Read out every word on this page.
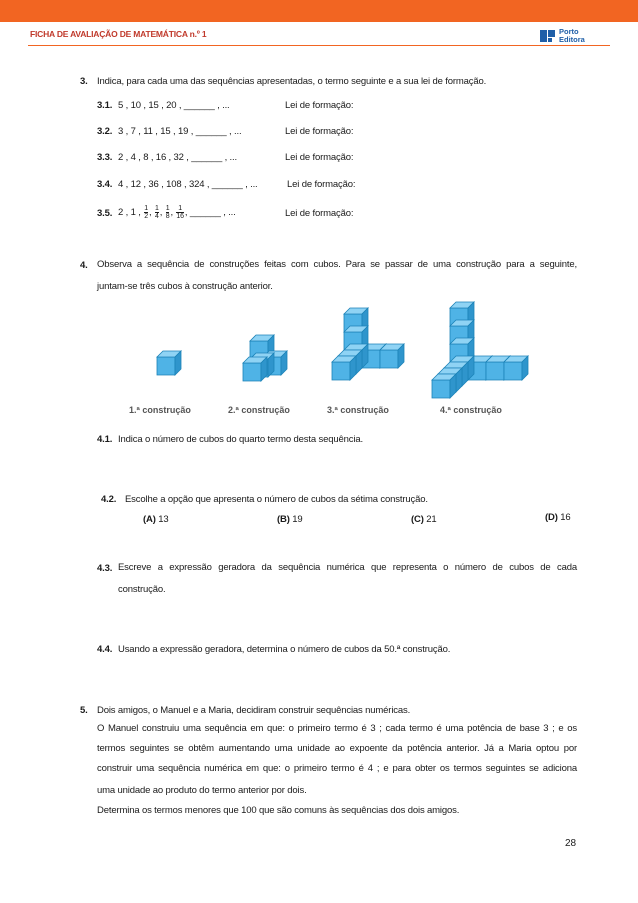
FICHA DE AVALIAÇÃO DE MATEMÁTICA n.º 1	Porto
Editora
3. Indica, para cada uma das sequências apresentadas, o termo seguinte e a sua lei de formação.
3.1. 5 , 10 , 15 , 20 , ______ , ...	Lei de formação:
3.2. 3 , 7 , 11 , 15 , 19 , ______ , ...	Lei de formação:
3.3. 2 , 4 , 8 , 16 , 32 , ______ , ...	Lei de formação:
3.4. 4 , 12 , 36 , 108 , 324 , ______ , ...	Lei de formação:
3.5. 2 , 1 , $\frac{1}{2}$ , $\frac{1}{4}$ , $\frac{1}{8}$ , $\frac{1}{16}$ , ______ , ...	Lei de formação:
4. Observa a sequência de construções feitas com cubos. Para se passar de uma construção para a seguinte,
juntam-se três cubos à construção anterior.
1.ª construção	2.ª construção	3.ª construção	4.ª construção
4.1. Indica o número de cubos do quarto termo desta sequência.
4.2. Escolhe a opção que apresenta o número de cubos da sétima construção.
(A) 13	(B) 19	(C) 21	(D) 16
4.3. Escreve a expressão geradora da sequência numérica que representa o número de cubos de cada
construção.
4.4. Usando a expressão geradora, determina o número de cubos da 50.ª construção.
5. Dois amigos, o Manuel e a Maria, decidiram construir sequências numéricas.
O Manuel construiu uma sequência em que: o primeiro termo é 3 ; cada termo é uma potência de base 3 ; e os
termos seguintes se obtêm aumentando uma unidade ao expoente da potência anterior. Já a Maria optou por
construir uma sequência numérica em que: o primeiro termo é 4 ; e para obter os termos seguintes se adiciona
uma unidade ao produto do termo anterior por dois.
Determina os termos menores que 100 que são comuns às sequências dos dois amigos.
28
